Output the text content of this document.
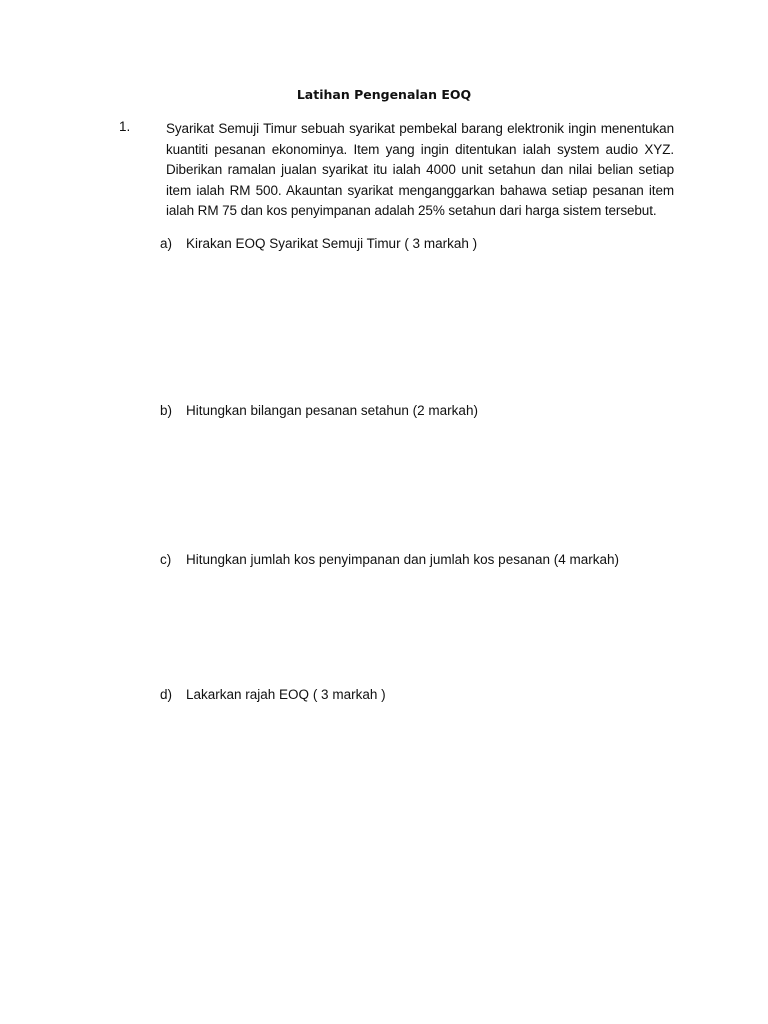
Latihan Pengenalan EOQ
1.	Syarikat Semuji Timur sebuah syarikat pembekal barang elektronik ingin menentukan kuantiti pesanan ekonominya. Item yang ingin ditentukan ialah system audio XYZ. Diberikan ramalan jualan syarikat itu ialah 4000 unit setahun dan nilai belian setiap item ialah RM 500. Akauntan syarikat menganggarkan bahawa setiap pesanan item ialah RM 75 dan kos penyimpanan adalah 25% setahun dari harga sistem tersebut.
a) Kirakan EOQ Syarikat Semuji Timur ( 3 markah )
b) Hitungkan bilangan pesanan setahun (2 markah)
c) Hitungkan jumlah kos penyimpanan dan jumlah kos pesanan (4 markah)
d) Lakarkan rajah EOQ ( 3 markah )
